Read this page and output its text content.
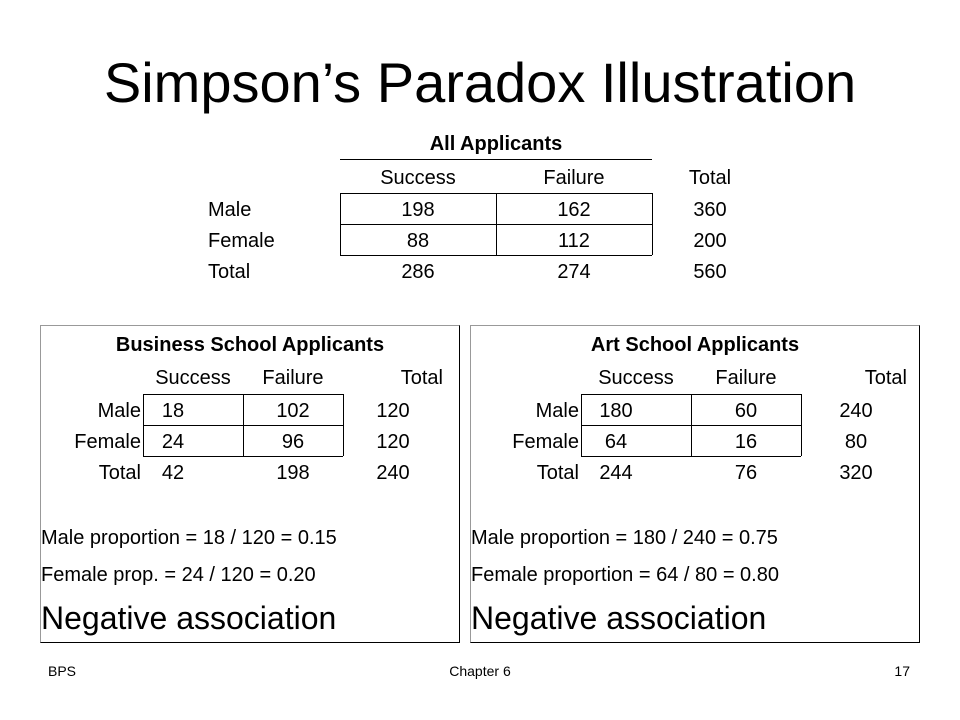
Simpson’s Paradox Illustration
All Applicants
Success	Failure	Total
Male	198	162	360
Female	88	112	200
Total	286	274	560
Business School Applicants
Success	Failure	Total
Male	18	102	120
Female	24	96	120
Total	42	198	240
Male proportion = 18 / 120 = 0.15
Female prop. = 24 / 120 = 0.20
Negative association
Art School Applicants
Success	Failure	Total
Male	180	60	240
Female	64	16	80
Total	244	76	320
Male proportion = 180 / 240 = 0.75
Female proportion = 64 / 80 = 0.80
Negative association
BPS	Chapter 6	17
